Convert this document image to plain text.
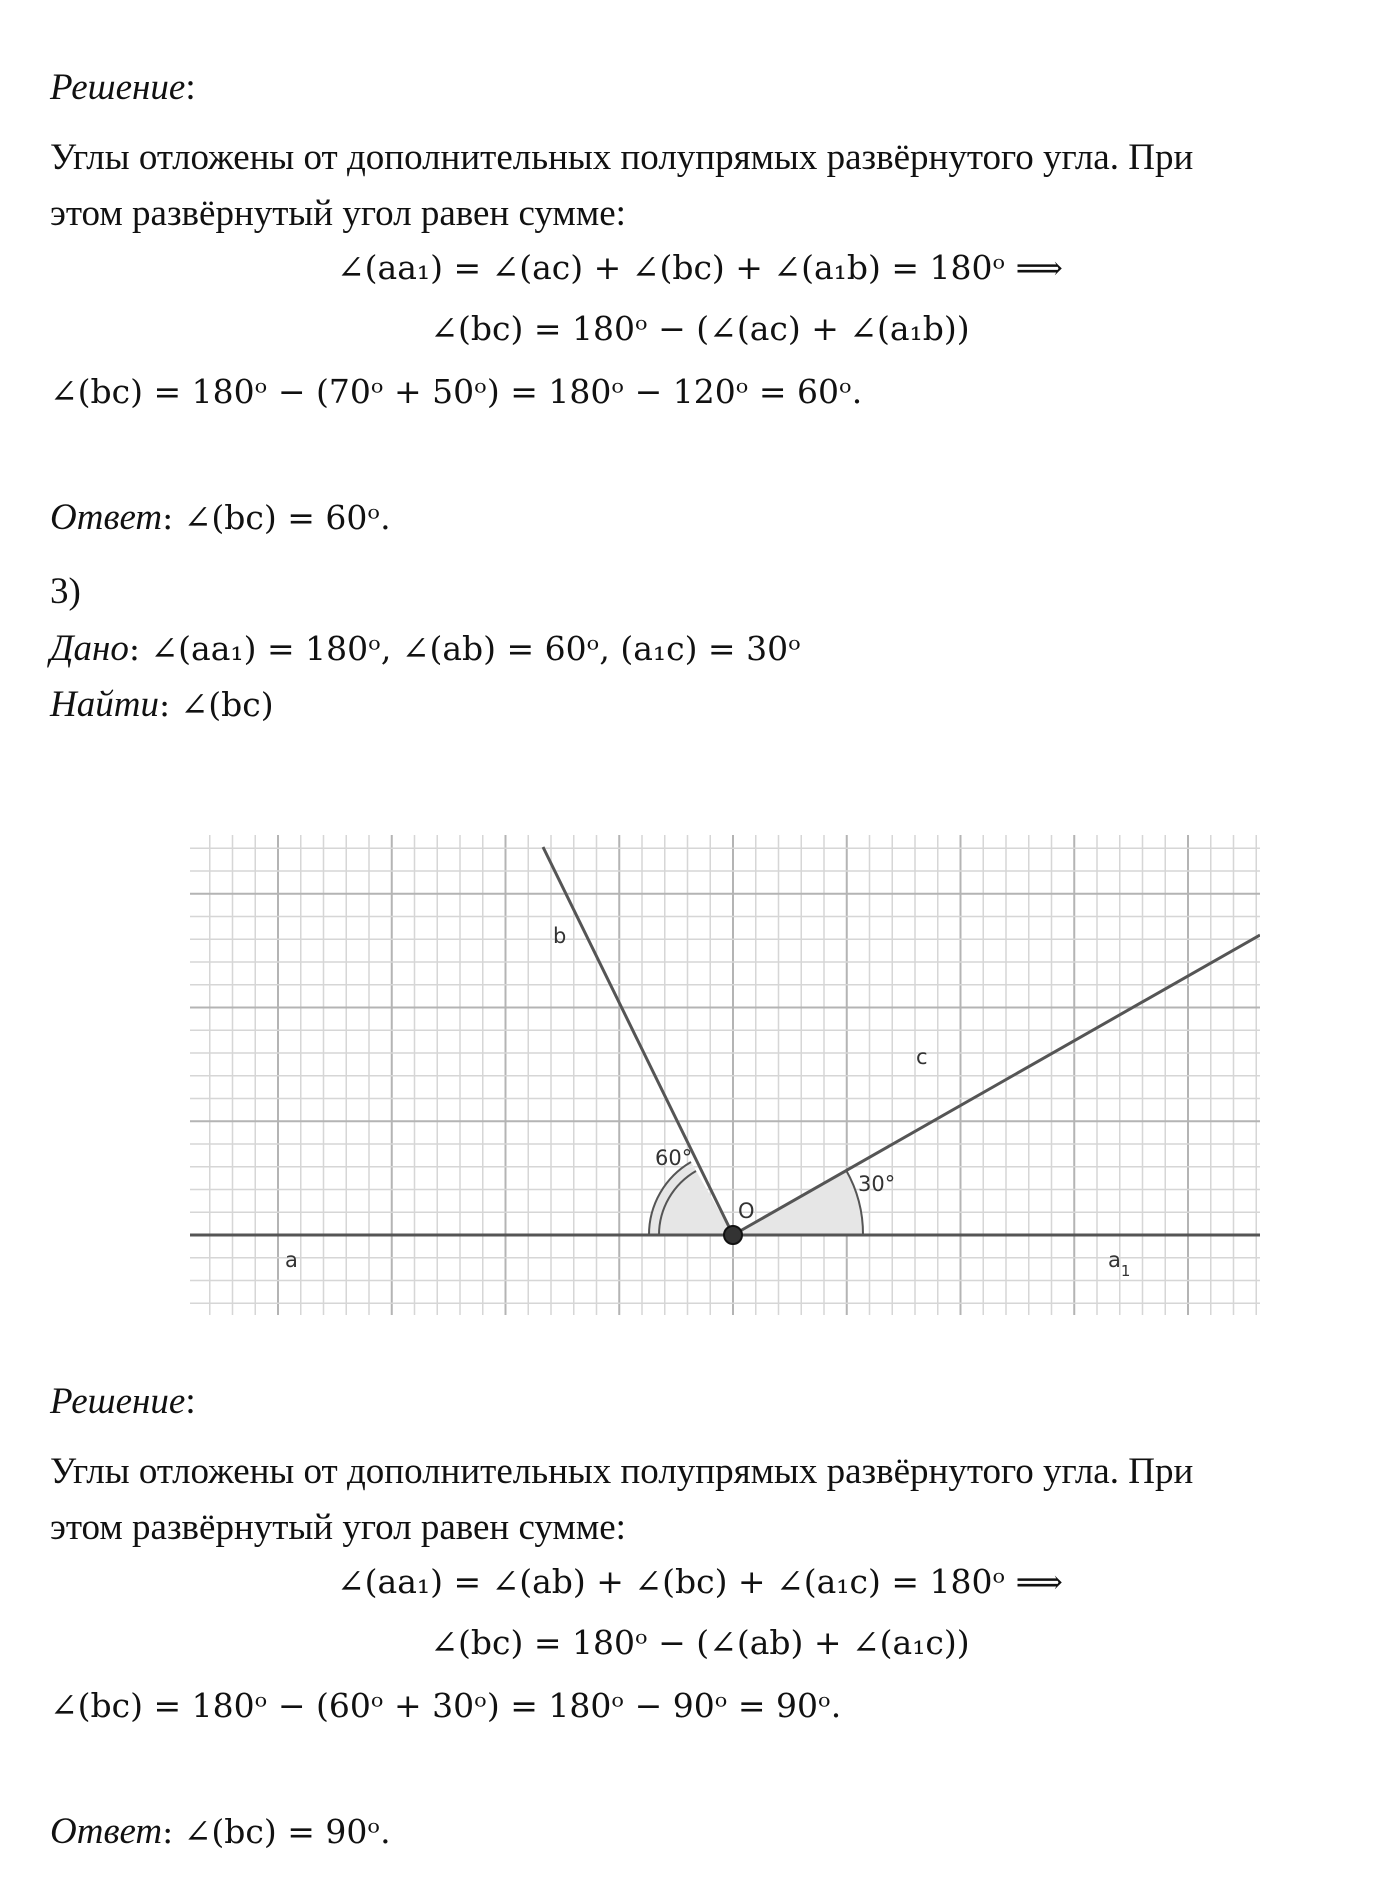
Решение:
Углы отложены от дополнительных полупрямых развёрнутого угла. При
этом развёрнутый угол равен сумме:
∠(aa₁) = ∠(ac) + ∠(bc) + ∠(a₁b) = 180ᵒ ⟹
∠(bc) = 180ᵒ − (∠(ac) + ∠(a₁b))
∠(bc) = 180ᵒ − (70ᵒ + 50ᵒ) = 180ᵒ − 120ᵒ = 60ᵒ.
Ответ: ∠(bc) = 60ᵒ.
3)
Дано: ∠(aa₁) = 180ᵒ, ∠(ab) = 60ᵒ, (a₁c) = 30ᵒ
Найти: ∠(bc)
a	$a_1$
b
c
O
60°
30°
Решение:
Углы отложены от дополнительных полупрямых развёрнутого угла. При
этом развёрнутый угол равен сумме:
∠(aa₁) = ∠(ab) + ∠(bc) + ∠(a₁c) = 180ᵒ ⟹
∠(bc) = 180ᵒ − (∠(ab) + ∠(a₁c))
∠(bc) = 180ᵒ − (60ᵒ + 30ᵒ) = 180ᵒ − 90ᵒ = 90ᵒ.
Ответ: ∠(bc) = 90ᵒ.
